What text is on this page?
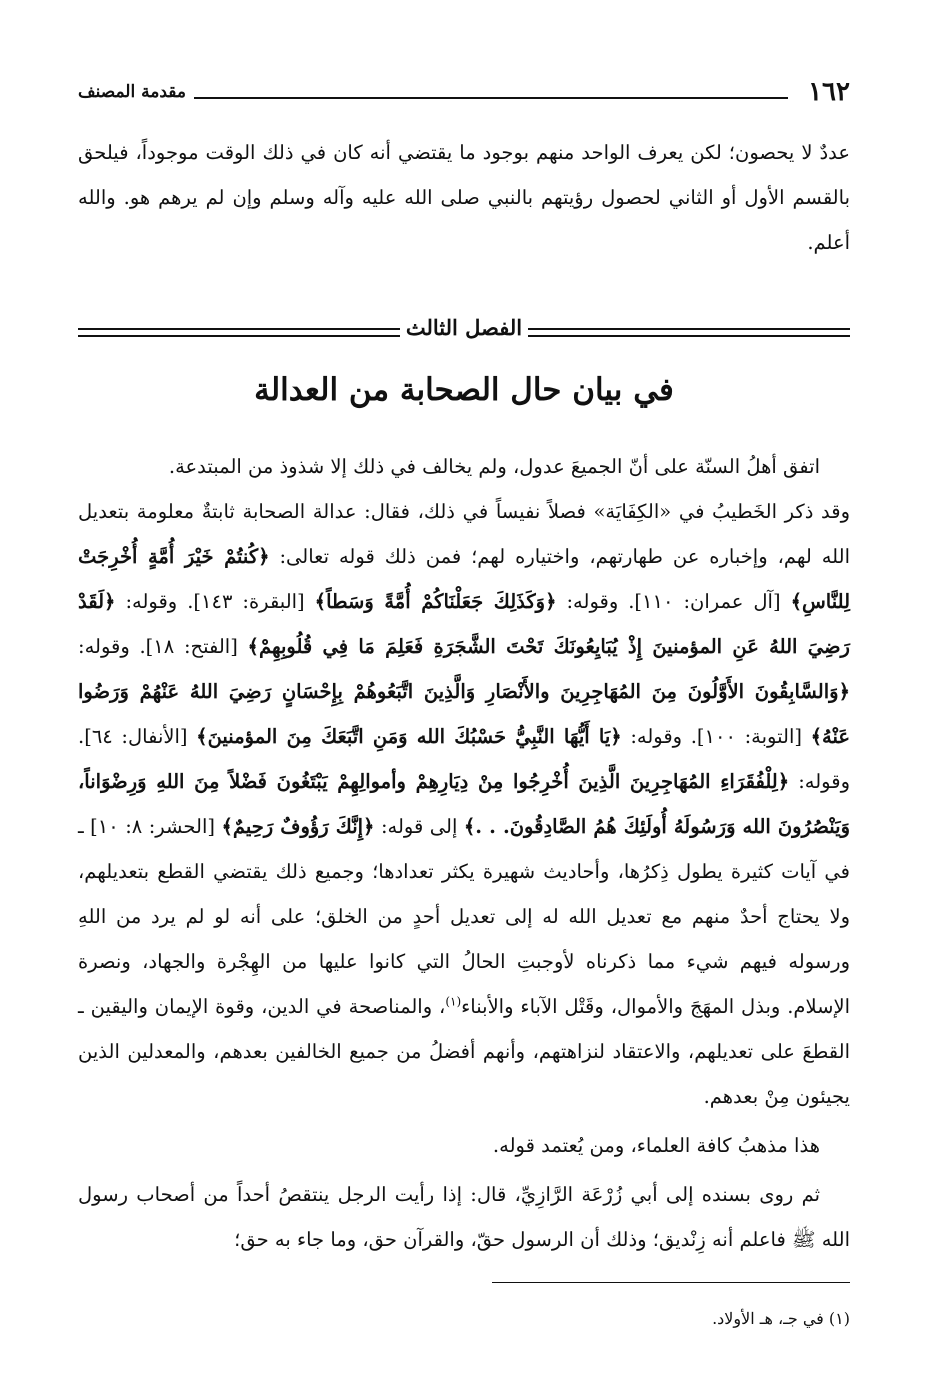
١٦٢
مقدمة المصنف

عددٌ لا يحصون؛ لكن يعرف الواحد منهم بوجود ما يقتضي أنه كان في ذلك الوقت موجوداً، فيلحق بالقسم الأول أو الثاني لحصول رؤيتهم بالنبي صلى الله عليه وآله وسلم وإن لم يرهم هو. والله أعلم.

الفصل الثالث
في بيان حال الصحابة من العدالة

اتفق أهلُ السنّة على أنّ الجميعَ عدول، ولم يخالف في ذلك إلا شذوذ من المبتدعة.

وقد ذكر الخَطيبُ في «الكِفَايَة» فصلاً نفيساً في ذلك، فقال: عدالة الصحابة ثابتةٌ معلومة بتعديل الله لهم، وإخباره عن طهارتهم، واختياره لهم؛ فمن ذلك قوله تعالى: ﴿كُنتُمْ خَيْرَ أُمَّةٍ أُخْرِجَتْ لِلنَّاسِ﴾ [آل عمران: ١١٠]. وقوله: ﴿وَكَذَلِكَ جَعَلْنَاكُمْ أُمَّةً وَسَطاً﴾ [البقرة: ١٤٣]. وقوله: ﴿لَقَدْ رَضِيَ اللهُ عَنِ المؤمنينَ إِذْ يُبَايِعُونَكَ تَحْتَ الشَّجَرَةِ فَعَلِمَ مَا فِي قُلُوبِهِمْ﴾ [الفتح: ١٨]. وقوله: ﴿وَالسَّابِقُونَ الأَوَّلُونَ مِنَ المُهَاجِرِينَ والأَنْصَارِ وَالَّذِينَ اتَّبَعُوهُمْ بِإِحْسَانٍ رَضِيَ اللهُ عَنْهُمْ وَرَضُوا عَنْهُ﴾ [التوبة: ١٠٠]. وقوله: ﴿يَا أَيُّهَا النَّبِيُّ حَسْبُكَ الله وَمَنِ اتَّبَعَكَ مِنَ المؤمنينَ﴾ [الأنفال: ٦٤]. وقوله: ﴿لِلْفُقَرَاءِ المُهَاجِرِينَ الَّذِينَ أُخْرِجُوا مِنْ دِيَارِهِمْ وأموالِهِمْ يَبْتَغُونَ فَضْلاً مِنَ اللهِ وَرِضْوَاناً، وَيَنْصُرُونَ الله وَرَسُولَهُ أُولَئِكَ هُمُ الصَّادِقُونَ. . .﴾ إلى قوله: ﴿إِنَّكَ رَؤُوفٌ رَحِيمٌ﴾ [الحشر: ٨: ١٠] ـ في آيات كثيرة يطول ذِكرُها، وأحاديث شهيرة يكثر تعدادها؛ وجميع ذلك يقتضي القطع بتعديلهم، ولا يحتاج أحدٌ منهم مع تعديل الله له إلى تعديل أحدٍ من الخلق؛ على أنه لو لم يرد من اللهِ ورسوله فيهم شيء مما ذكرناه لأوجبتِ الحالُ التي كانوا عليها من الهِجْرة والجهاد، ونصرة الإسلام. وبذل المهَجَ والأموال، وقَتْل الآباء والأبناء$^{(١)}$، والمناصحة في الدين، وقوة الإيمان واليقين ـ القطعَ على تعديلهم، والاعتقاد لنزاهتهم، وأنهم أفضلُ من جميع الخالفين بعدهم، والمعدلين الذين يجيئون مِنْ بعدهم.

هذا مذهبُ كافة العلماء، ومن يُعتمد قوله.

ثم روى بسنده إلى أبي زُرْعَة الرَّازِيِّ، قال: إذا رأيت الرجل ينتقصُ أحداً من أصحاب رسول الله ﷺ فاعلم أنه زِنْديق؛ وذلك أن الرسول حقّ، والقرآن حق، وما جاء به حق؛

(١) في جـ، هـ الأولاد.
